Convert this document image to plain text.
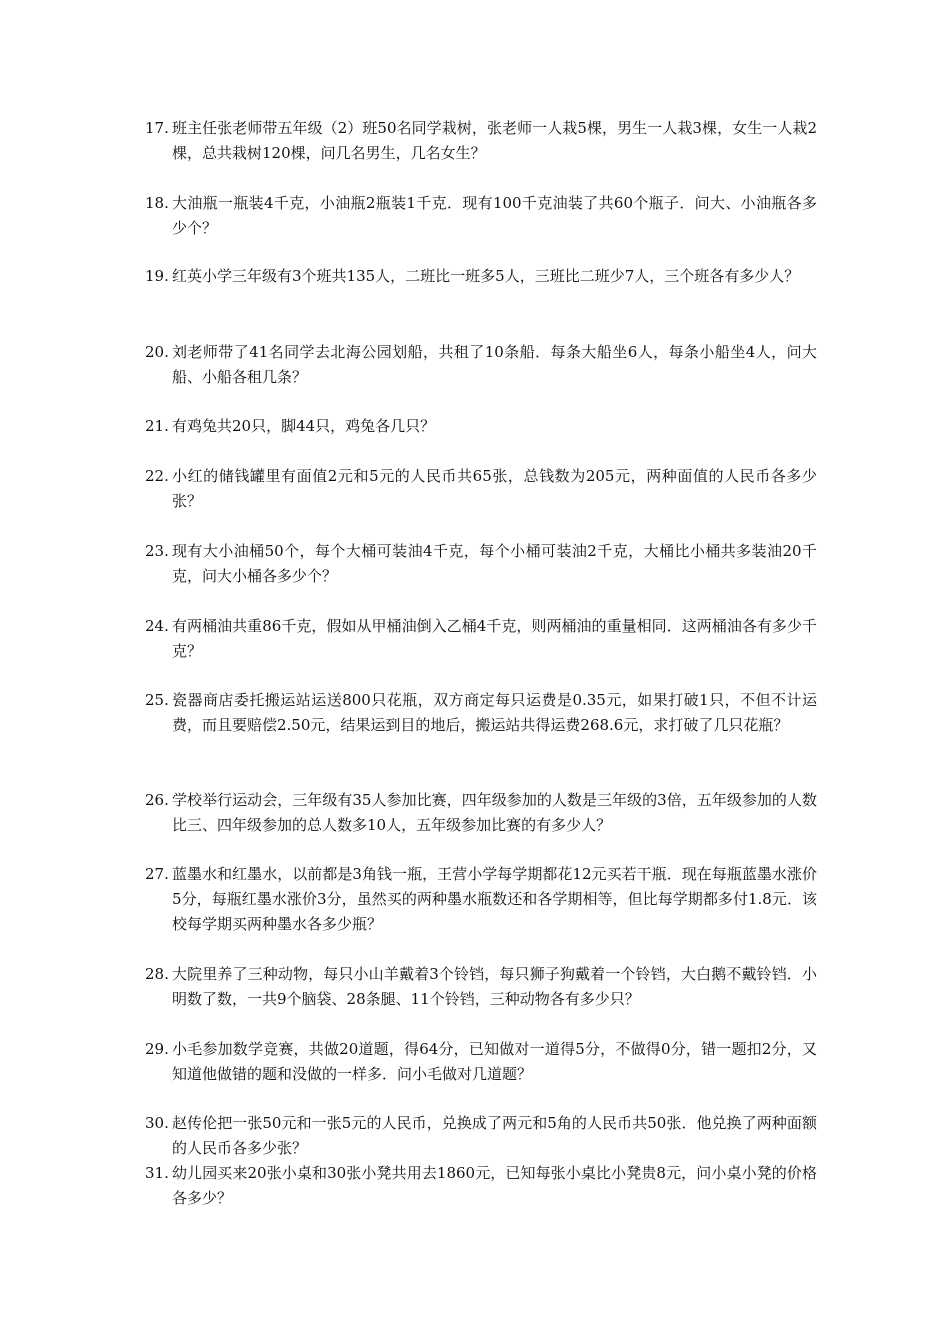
17. 班主任张老师带五年级（2）班50名同学栽树，张老师一人栽5棵，男生一人栽3棵，女生一人栽2棵，总共栽树120棵，问几名男生，几名女生？
18. 大油瓶一瓶装4千克，小油瓶2瓶装1千克．现有100千克油装了共60个瓶子．问大、小油瓶各多少个？
19. 红英小学三年级有3个班共135人，二班比一班多5人，三班比二班少7人，三个班各有多少人？
20. 刘老师带了41名同学去北海公园划船，共租了10条船．每条大船坐6人，每条小船坐4人，问大船、小船各租几条？
21. 有鸡兔共20只，脚44只，鸡兔各几只？
22. 小红的储钱罐里有面值2元和5元的人民币共65张，总钱数为205元，两种面值的人民币各多少张？
23. 现有大小油桶50个，每个大桶可装油4千克，每个小桶可装油2千克，大桶比小桶共多装油20千克，问大小桶各多少个？
24. 有两桶油共重86千克，假如从甲桶油倒入乙桶4千克，则两桶油的重量相同．这两桶油各有多少千克？
25. 瓷器商店委托搬运站运送800只花瓶，双方商定每只运费是0.35元，如果打破1只，不但不计运费，而且要赔偿2.50元，结果运到目的地后，搬运站共得运费268.6元，求打破了几只花瓶？
26. 学校举行运动会，三年级有35人参加比赛，四年级参加的人数是三年级的3倍，五年级参加的人数比三、四年级参加的总人数多10人，五年级参加比赛的有多少人？
27. 蓝墨水和红墨水，以前都是3角钱一瓶，王营小学每学期都花12元买若干瓶．现在每瓶蓝墨水涨价5分，每瓶红墨水涨价3分，虽然买的两种墨水瓶数还和各学期相等，但比每学期都多付1.8元．该校每学期买两种墨水各多少瓶？
28. 大院里养了三种动物，每只小山羊戴着3个铃铛，每只狮子狗戴着一个铃铛，大白鹅不戴铃铛．小明数了数，一共9个脑袋、28条腿、11个铃铛，三种动物各有多少只？
29. 小毛参加数学竞赛，共做20道题，得64分，已知做对一道得5分，不做得0分，错一题扣2分，又知道他做错的题和没做的一样多．问小毛做对几道题？
30. 赵传伦把一张50元和一张5元的人民币，兑换成了两元和5角的人民币共50张．他兑换了两种面额的人民币各多少张？
31. 幼儿园买来20张小桌和30张小凳共用去1860元，已知每张小桌比小凳贵8元，问小桌小凳的价格各多少？
